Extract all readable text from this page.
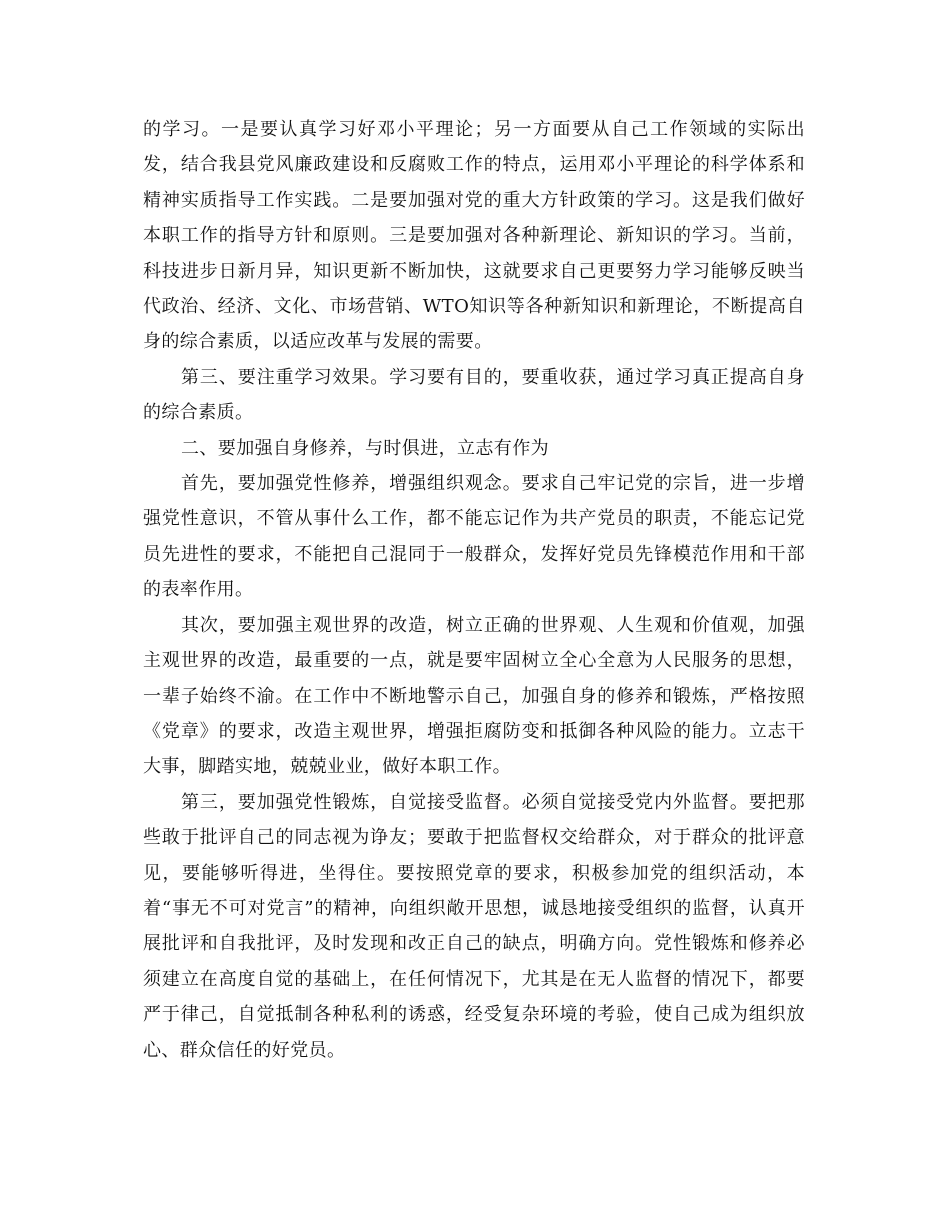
的学习。一是要认真学习好邓小平理论；另一方面要从自己工作领域的实际出发，结合我县党风廉政建设和反腐败工作的特点，运用邓小平理论的科学体系和精神实质指导工作实践。二是要加强对党的重大方针政策的学习。这是我们做好本职工作的指导方针和原则。三是要加强对各种新理论、新知识的学习。当前，科技进步日新月异，知识更新不断加快，这就要求自己更要努力学习能够反映当代政治、经济、文化、市场营销、WTO知识等各种新知识和新理论，不断提高自身的综合素质，以适应改革与发展的需要。

第三、要注重学习效果。学习要有目的，要重收获，通过学习真正提高自身的综合素质。

二、要加强自身修养，与时俱进，立志有作为

首先，要加强党性修养，增强组织观念。要求自己牢记党的宗旨，进一步增强党性意识，不管从事什么工作，都不能忘记作为共产党员的职责，不能忘记党员先进性的要求，不能把自己混同于一般群众，发挥好党员先锋模范作用和干部的表率作用。

其次，要加强主观世界的改造，树立正确的世界观、人生观和价值观，加强主观世界的改造，最重要的一点，就是要牢固树立全心全意为人民服务的思想，一辈子始终不渝。在工作中不断地警示自己，加强自身的修养和锻炼，严格按照《党章》的要求，改造主观世界，增强拒腐防变和抵御各种风险的能力。立志干大事，脚踏实地，兢兢业业，做好本职工作。

第三，要加强党性锻炼，自觉接受监督。必须自觉接受党内外监督。要把那些敢于批评自己的同志视为诤友；要敢于把监督权交给群众，对于群众的批评意见，要能够听得进，坐得住。要按照党章的要求，积极参加党的组织活动，本着“事无不可对党言”的精神，向组织敞开思想，诚恳地接受组织的监督，认真开展批评和自我批评，及时发现和改正自己的缺点，明确方向。党性锻炼和修养必须建立在高度自觉的基础上，在任何情况下，尤其是在无人监督的情况下，都要严于律己，自觉抵制各种私利的诱惑，经受复杂环境的考验，使自己成为组织放心、群众信任的好党员。
